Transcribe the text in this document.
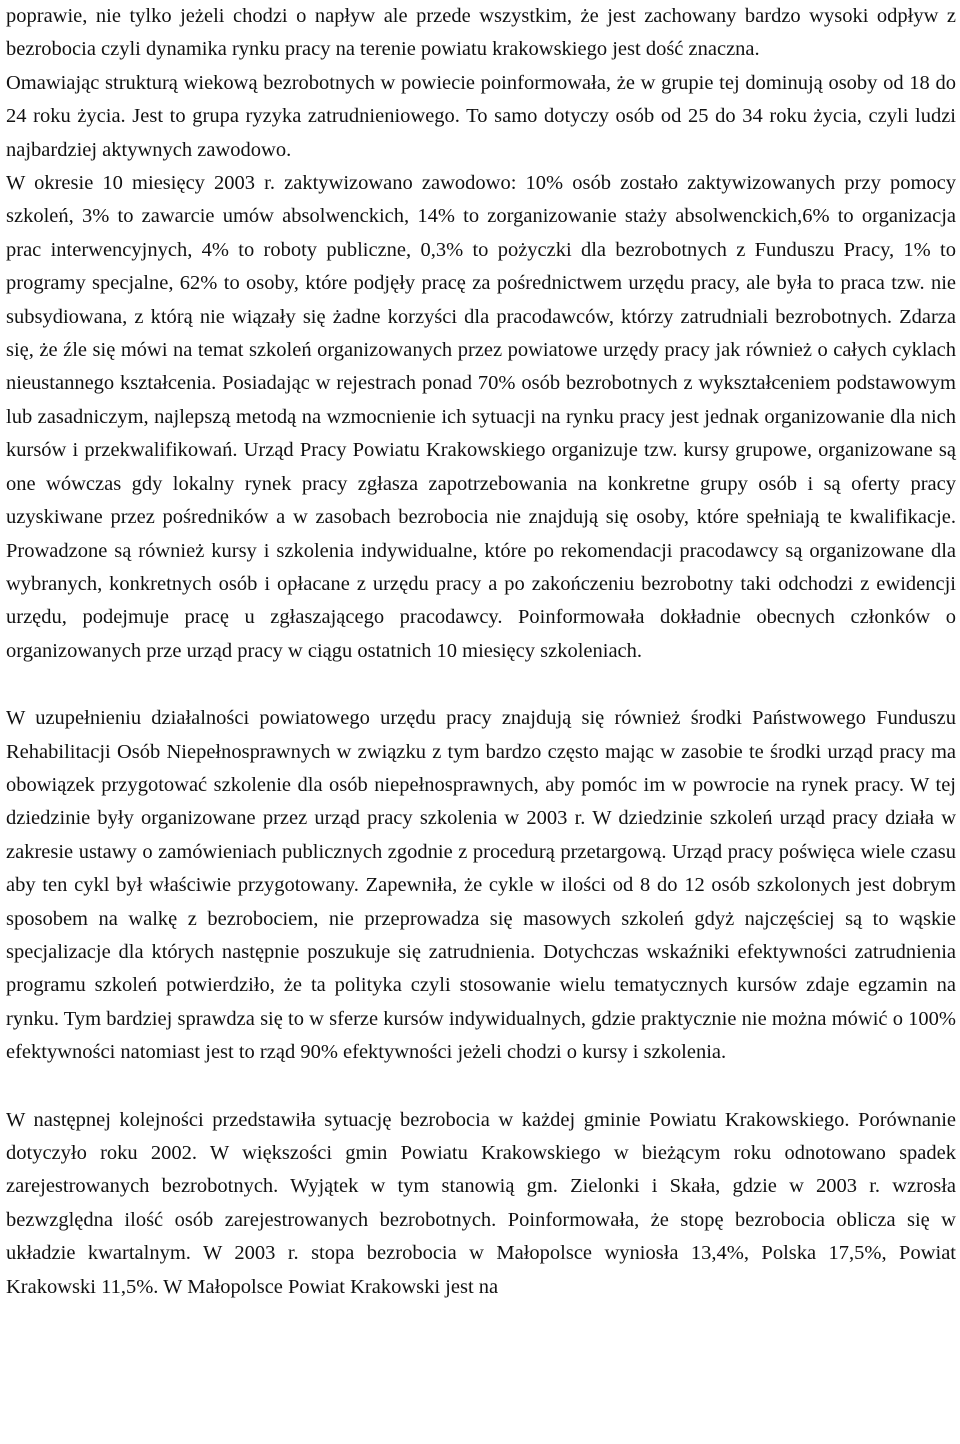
poprawie, nie tylko jeżeli chodzi o napływ ale przede wszystkim, że jest zachowany bardzo wysoki odpływ z bezrobocia czyli dynamika rynku pracy na terenie powiatu krakowskiego jest dość znaczna.

Omawiając strukturą wiekową bezrobotnych w powiecie poinformowała, że w grupie tej dominują osoby od 18 do 24 roku życia. Jest to grupa ryzyka zatrudnieniowego. To samo dotyczy osób od 25 do 34 roku życia, czyli ludzi najbardziej aktywnych zawodowo.

W okresie 10 miesięcy 2003 r. zaktywizowano zawodowo: 10% osób zostało zaktywizowanych przy pomocy szkoleń, 3% to zawarcie umów absolwenckich, 14% to zorganizowanie staży absolwenckich,6% to organizacja prac interwencyjnych, 4% to roboty publiczne, 0,3% to pożyczki dla bezrobotnych z Funduszu Pracy, 1% to programy specjalne, 62% to osoby, które podjęły pracę za pośrednictwem urzędu pracy, ale była to praca tzw. nie subsydiowana, z którą nie wiązały się żadne korzyści dla pracodawców, którzy zatrudniali bezrobotnych. Zdarza się, że źle się mówi na temat szkoleń organizowanych przez powiatowe urzędy pracy jak również o całych cyklach nieustannego kształcenia. Posiadając w rejestrach ponad 70% osób bezrobotnych z wykształceniem podstawowym lub zasadniczym, najlepszą metodą na wzmocnienie ich sytuacji na rynku pracy jest jednak organizowanie dla nich kursów i przekwalifikowań. Urząd Pracy Powiatu Krakowskiego organizuje tzw. kursy grupowe, organizowane są one wówczas gdy lokalny rynek pracy zgłasza zapotrzebowania na konkretne grupy osób i są oferty pracy uzyskiwane przez pośredników a w zasobach bezrobocia nie znajdują się osoby, które spełniają te kwalifikacje. Prowadzone są również kursy i szkolenia indywidualne, które po rekomendacji pracodawcy są organizowane dla wybranych, konkretnych osób i opłacane z urzędu pracy a po zakończeniu bezrobotny taki odchodzi z ewidencji urzędu, podejmuje pracę u zgłaszającego pracodawcy. Poinformowała dokładnie obecnych członków o organizowanych prze urząd pracy w ciągu ostatnich 10 miesięcy szkoleniach.

W uzupełnieniu działalności powiatowego urzędu pracy znajdują się również środki Państwowego Funduszu Rehabilitacji Osób Niepełnosprawnych w związku z tym bardzo często mając w zasobie te środki urząd pracy ma obowiązek przygotować szkolenie dla osób niepełnosprawnych, aby pomóc im w powrocie na rynek pracy. W tej dziedzinie były organizowane przez urząd pracy szkolenia w 2003 r. W dziedzinie szkoleń urząd pracy działa w zakresie ustawy o zamówieniach publicznych zgodnie z procedurą przetargową. Urząd pracy poświęca wiele czasu aby ten cykl był właściwie przygotowany. Zapewniła, że cykle w ilości od 8 do 12 osób szkolonych jest dobrym sposobem na walkę z bezrobociem, nie przeprowadza się masowych szkoleń gdyż najczęściej są to wąskie specjalizacje dla których następnie poszukuje się zatrudnienia. Dotychczas wskaźniki efektywności zatrudnienia programu szkoleń potwierdziło, że ta polityka czyli stosowanie wielu tematycznych kursów zdaje egzamin na rynku. Tym bardziej sprawdza się to w sferze kursów indywidualnych, gdzie praktycznie nie można mówić o 100% efektywności natomiast jest to rząd 90% efektywności jeżeli chodzi o kursy i szkolenia.

W następnej kolejności przedstawiła sytuację bezrobocia w każdej gminie Powiatu Krakowskiego. Porównanie dotyczyło roku 2002. W większości gmin Powiatu Krakowskiego w bieżącym roku odnotowano spadek zarejestrowanych bezrobotnych. Wyjątek w tym stanowią gm. Zielonki i Skała, gdzie w 2003 r. wzrosła bezwzględna ilość osób zarejestrowanych bezrobotnych. Poinformowała, że stopę bezrobocia oblicza się w układzie kwartalnym. W 2003 r. stopa bezrobocia w Małopolsce wyniosła 13,4%, Polska 17,5%, Powiat Krakowski 11,5%. W Małopolsce Powiat Krakowski jest na
